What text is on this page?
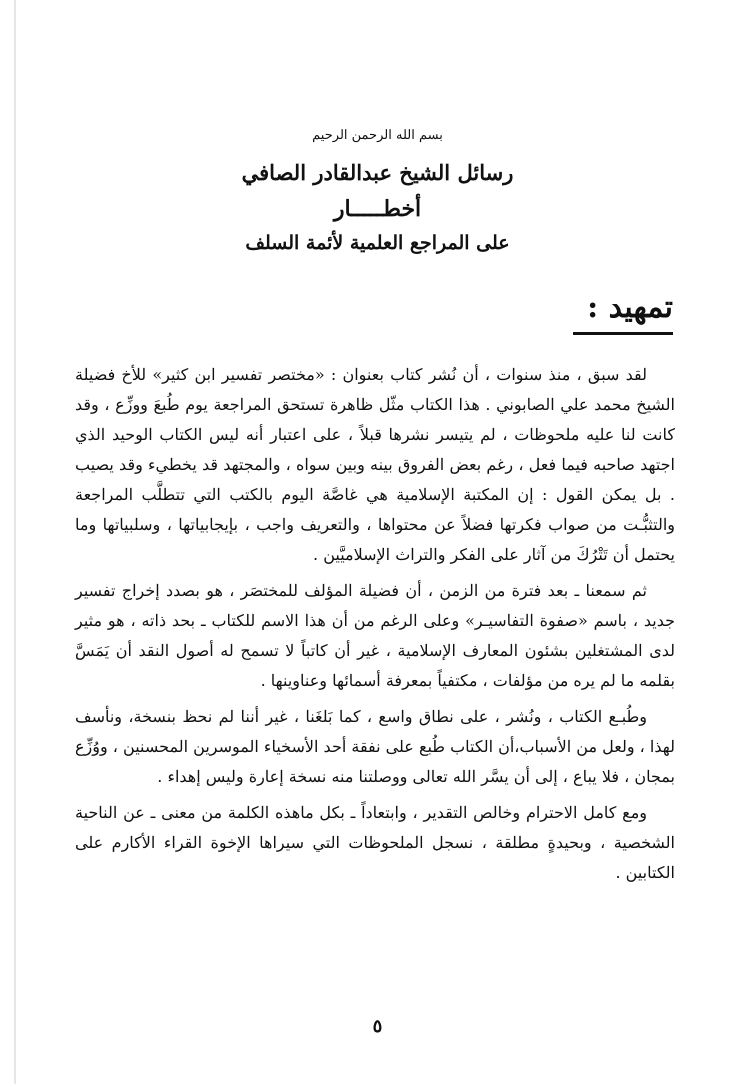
بسم الله الرحمن الرحيم
رسائل الشيخ عبدالقادر الصافي
أخطـــــار
على المراجع العلمية لأئمة السلف
تمهيد :

لقد سبق ، منذ سنوات ، أن نُشر كتاب بعنوان : «مختصر تفسير ابن كثير» للأخ فضيلة الشيخ محمد علي الصابوني . هذا الكتاب مثّل ظاهرة تستحق المراجعة يوم طُبعَ ووزِّع ، وقد كانت لنا عليه ملحوظات ، لم يتيسر نشرها قبلاً ، على اعتبار أنه ليس الكتاب الوحيد الذي اجتهد صاحبه فيما فعل ، رغم بعض الفروق بينه وبين سواه ، والمجتهد قد يخطيء وقد يصيب . بل يمكن القول : إن المكتبة الإسلامية هي غاصَّة اليوم بالكتب التي تتطلَّب المراجعة والتثبُّـت من صواب فكرتها فضلاً عن محتواها ، والتعريف واجب ، بإيجابياتها ، وسلبياتها وما يحتمل أن تَتْرُكَ من آثار على الفكر والتراث الإسلاميَّين .

ثم سمعنا ـ بعد فترة من الزمن ، أن فضيلة المؤلف للمختصَر ، هو بصدد إخراج تفسير جديد ، باسم «صفوة التفاسيـر» وعلى الرغم من أن هذا الاسم للكتاب ـ بحد ذاته ، هو مثير لدى المشتغلين بشئون المعارف الإسلامية ، غير أن كاتباً لا تسمح له أصول النقد أن يَمَسَّ بقلمه ما لم يره من مؤلفات ، مكتفياً بمعرفة أسمائها وعناوينها .

وطُبـع الكتاب ، ونُشر ، على نطاق واسع ، كما بَلغَنا ، غير أننا لم نحظ بنسخة، ونأسف لهذا ، ولعل من الأسباب،أن الكتاب طُبع على نفقة أحد الأسخياء الموسرين المحسنين ، ووُزِّع بمجان ، فلا يباع ، إلى أن يسَّر الله تعالى ووصلتنا منه نسخة إعارة وليس إهداء .

ومع كامل الاحترام وخالص التقدير ، وابتعاداً ـ بكل ماهذه الكلمة من معنى ـ عن الناحية الشخصية ، وبحيدةٍ مطلقة ، نسجل الملحوظات التي سيراها الإخوة القراء الأكارم على الكتابين .

٥
